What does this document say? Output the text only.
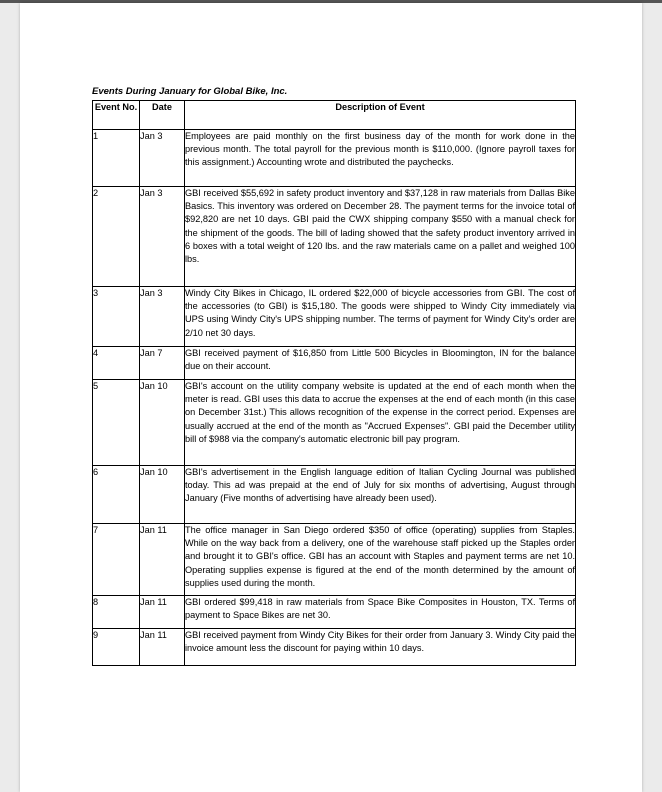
Events During January for Global Bike, Inc.
Event No.	Date	Description of Event
1	Jan 3	Employees are paid monthly on the first business day of the month for work done in the previous month. The total payroll for the previous month is $110,000. (Ignore payroll taxes for this assignment.) Accounting wrote and distributed the paychecks.
2	Jan 3	GBI received $55,692 in safety product inventory and $37,128 in raw materials from Dallas Bike Basics. This inventory was ordered on December 28. The payment terms for the invoice total of $92,820 are net 10 days. GBI paid the CWX shipping company $550 with a manual check for the shipment of the goods. The bill of lading showed that the safety product inventory arrived in 6 boxes with a total weight of 120 lbs. and the raw materials came on a pallet and weighed 100 lbs.
3	Jan 3	Windy City Bikes in Chicago, IL ordered $22,000 of bicycle accessories from GBI. The cost of the accessories (to GBI) is $15,180. The goods were shipped to Windy City immediately via UPS using Windy City's UPS shipping number. The terms of payment for Windy City's order are 2/10 net 30 days.
4	Jan 7	GBI received payment of $16,850 from Little 500 Bicycles in Bloomington, IN for the balance due on their account.
5	Jan 10	GBI's account on the utility company website is updated at the end of each month when the meter is read. GBI uses this data to accrue the expenses at the end of each month (in this case on December 31st.) This allows recognition of the expense in the correct period. Expenses are usually accrued at the end of the month as "Accrued Expenses". GBI paid the December utility bill of $988 via the company's automatic electronic bill pay program.
6	Jan 10	GBI's advertisement in the English language edition of Italian Cycling Journal was published today. This ad was prepaid at the end of July for six months of advertising, August through January (Five months of advertising have already been used).
7	Jan 11	The office manager in San Diego ordered $350 of office (operating) supplies from Staples. While on the way back from a delivery, one of the warehouse staff picked up the Staples order and brought it to GBI's office. GBI has an account with Staples and payment terms are net 10. Operating supplies expense is figured at the end of the month determined by the amount of supplies used during the month.
8	Jan 11	GBI ordered $99,418 in raw materials from Space Bike Composites in Houston, TX. Terms of payment to Space Bikes are net 30.
9	Jan 11	GBI received payment from Windy City Bikes for their order from January 3. Windy City paid the invoice amount less the discount for paying within 10 days.
